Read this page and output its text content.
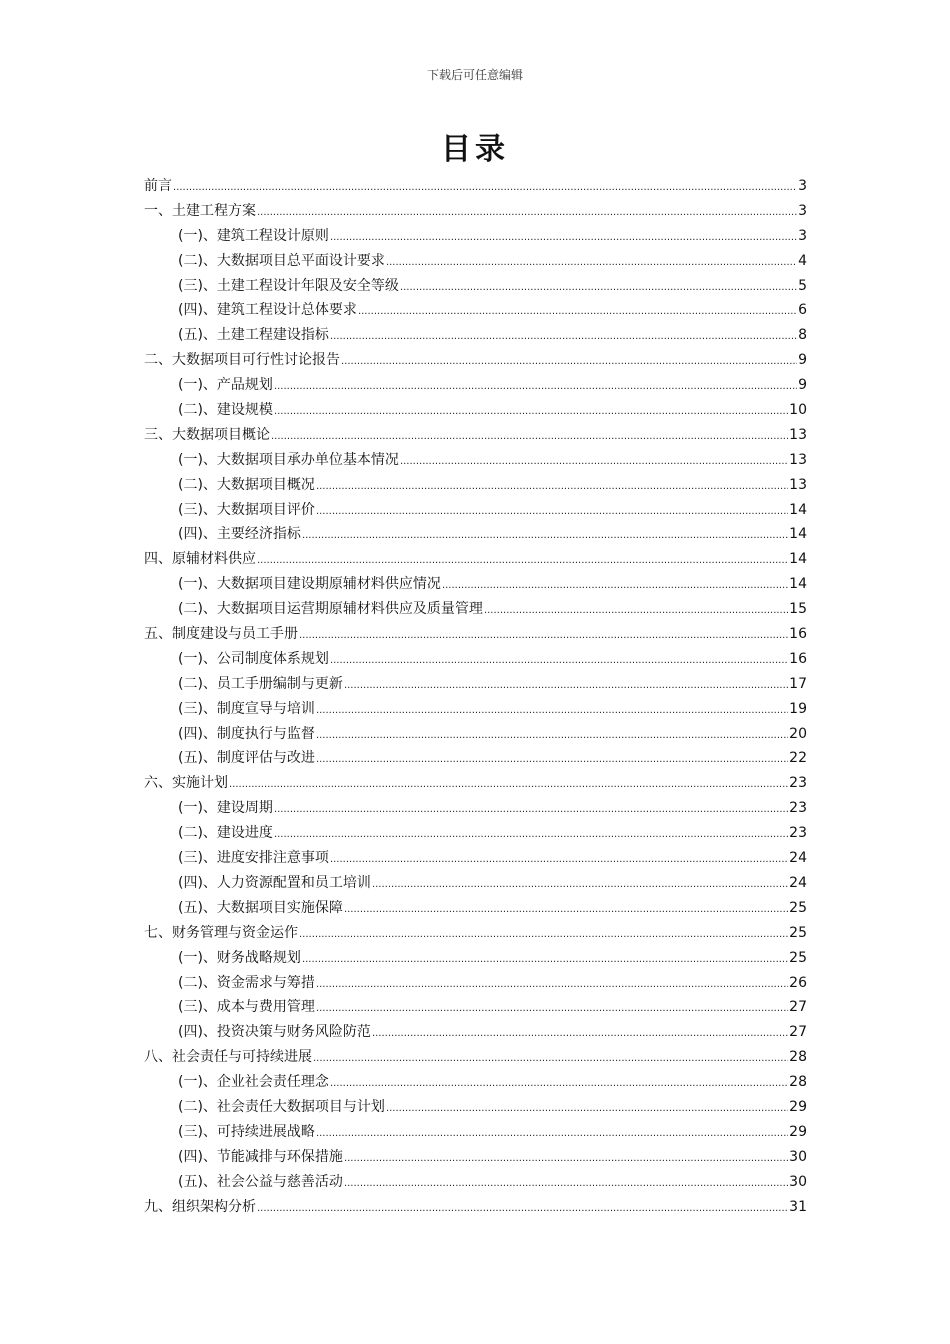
下载后可任意编辑
目录
前言 .....	3
一、土建工程方案 .....	3
(一)、建筑工程设计原则 .....	3
(二)、大数据项目总平面设计要求 .....	4
(三)、土建工程设计年限及安全等级 .....	5
(四)、建筑工程设计总体要求 .....	6
(五)、土建工程建设指标 .....	8
二、大数据项目可行性讨论报告 .....	9
(一)、产品规划 .....	9
(二)、建设规模 .....	10
三、大数据项目概论 .....	13
(一)、大数据项目承办单位基本情况 .....	13
(二)、大数据项目概况 .....	13
(三)、大数据项目评价 .....	14
(四)、主要经济指标 .....	14
四、原辅材料供应 .....	14
(一)、大数据项目建设期原辅材料供应情况 .....	14
(二)、大数据项目运营期原辅材料供应及质量管理 .....	15
五、制度建设与员工手册 .....	16
(一)、公司制度体系规划 .....	16
(二)、员工手册编制与更新 .....	17
(三)、制度宣导与培训 .....	19
(四)、制度执行与监督 .....	20
(五)、制度评估与改进 .....	22
六、实施计划 .....	23
(一)、建设周期 .....	23
(二)、建设进度 .....	23
(三)、进度安排注意事项 .....	24
(四)、人力资源配置和员工培训 .....	24
(五)、大数据项目实施保障 .....	25
七、财务管理与资金运作 .....	25
(一)、财务战略规划 .....	25
(二)、资金需求与筹措 .....	26
(三)、成本与费用管理 .....	27
(四)、投资决策与财务风险防范 .....	27
八、社会责任与可持续进展 .....	28
(一)、企业社会责任理念 .....	28
(二)、社会责任大数据项目与计划 .....	29
(三)、可持续进展战略 .....	29
(四)、节能减排与环保措施 .....	30
(五)、社会公益与慈善活动 .....	30
九、组织架构分析 .....	31
